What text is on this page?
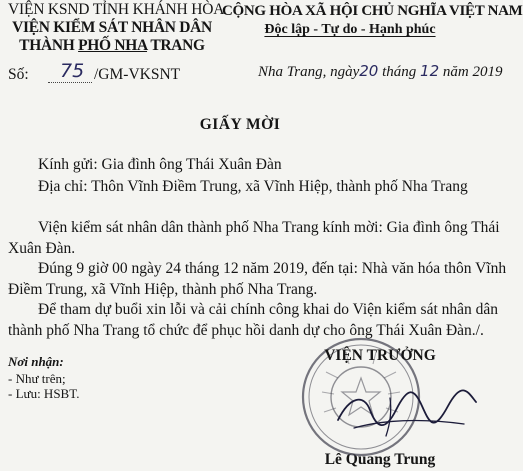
VIỆN KSND TỈNH KHÁNH HÒA
VIỆN KIỂM SÁT NHÂN DÂN
THÀNH PHỐ NHA TRANG
CỘNG HÒA XÃ HỘI CHỦ NGHĨA VIỆT NAM
Độc lập - Tự do - Hạnh phúc
Số: 75 /GM-VKSNT	Nha Trang, ngày20 tháng 12 năm 2019
GIẤY MỜI
Kính gửi: Gia đình ông Thái Xuân Đàn
Địa chỉ: Thôn Vĩnh Điềm Trung, xã Vĩnh Hiệp, thành phố Nha Trang
Viện kiểm sát nhân dân thành phố Nha Trang kính mời: Gia đình ông Thái
Xuân Đàn.
Đúng 9 giờ 00 ngày 24 tháng 12 năm 2019, đến tại: Nhà văn hóa thôn Vĩnh
Điềm Trung, xã Vĩnh Hiệp, thành phố Nha Trang.
Để tham dự buổi xin lỗi và cải chính công khai do Viện kiểm sát nhân dân
thành phố Nha Trang tổ chức để phục hồi danh dự cho ông Thái Xuân Đàn./.
Nơi nhận:
- Như trên;
- Lưu: HSBT.
VIỆN TRƯỞNG
Lê Quang Trung
